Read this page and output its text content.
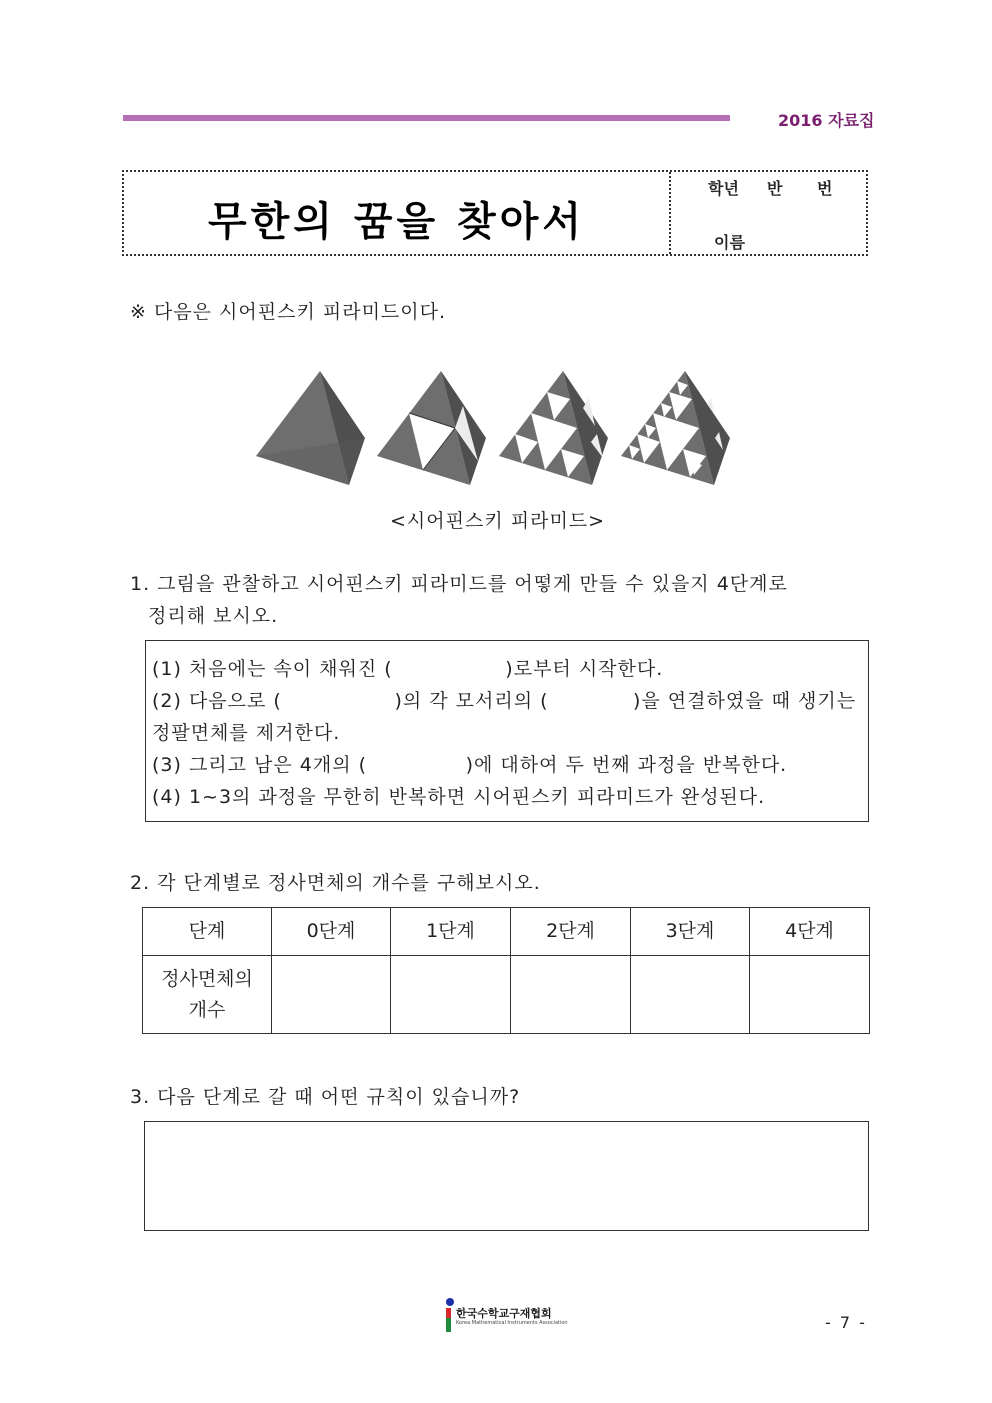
2016 자료집
무한의 꿈을 찾아서
학년 반 번
이름
※ 다음은 시어핀스키 피라미드이다.
<시어핀스키 피라미드>
1. 그림을 관찰하고 시어핀스키 피라미드를 어떻게 만들 수 있을지 4단계로
정리해 보시오.
(1) 처음에는 속이 채워진 (                )로부터 시작한다.
(2) 다음으로 (                )의 각 모서리의 (            )을 연결하였을 때 생기는
정팔면체를 제거한다.
(3) 그리고 남은 4개의 (              )에 대하여 두 번째 과정을 반복한다.
(4) 1~3의 과정을 무한히 반복하면 시어핀스키 피라미드가 완성된다.
2. 각 단계별로 정사면체의 개수를 구해보시오.
단계	0단계	1단계	2단계	3단계	4단계

정사면체의
개수					

3. 다음 단계로 갈 때 어떤 규칙이 있습니까?
한국수학교구재협회
Korea Mathematical Instruments Association	- 7 -
